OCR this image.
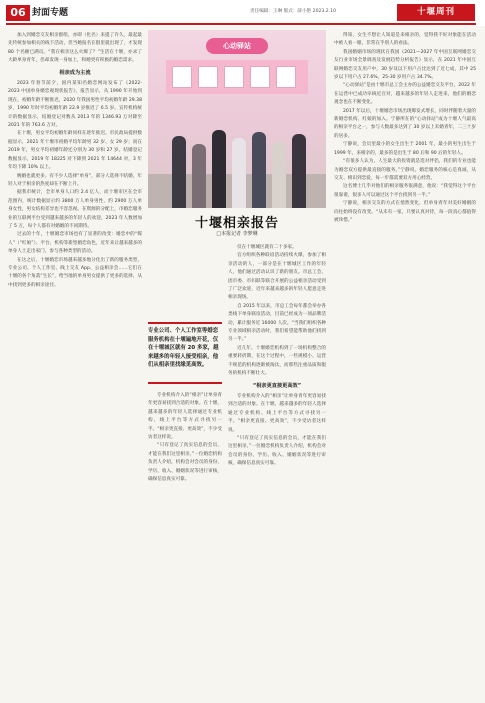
06 封面专题	责任编辑：王琳 版式：薛小艳 2023.2.10	十堰周刊

加入到婚恋交友相亲群组，亦即（化名）来提了许久，最起最先传统参加相关的线下活动，但当她报名在群里就出现了，才发现 80 个名额已满员。“我在相亲这么火爆了？”生活在十堰，亦求了大龄单身青年，但却发现一身加上，和她更有积极的婚恋需求。

相亲成为主流

2023 年春节前夕，国内某知名婚恋网站发布了《2022-2023 中国单身婚恋观现状报告》，报告显示，从 1990 年开始到现在，初婚年龄不断推迟，2020 年我国男性平均初婚年龄 29.38 岁，1990 年时平均初婚年龄 22.9 岁推迟了 6.5 岁。宣传机构统计的数据显示，结婚登记对数从 2013 年的 1346.93 万对降至 2021 年的 763.6 万对。

在十堰，男女平均初婚年龄同样在逐年推迟。市民政局提供数据显示，2021 年十堰市初婚平均年龄男 32 岁、女 29 岁；而在 2019 年，男女平均初婚年龄还分别为 30 岁和 27 岁。结婚登记数据显示，2019 年 18225 对下降到 2021 年 14644 对，3 年年均下降 10% 以上。

晚婚也就更多。有不少人选择“单身”，部分人选择不结婚，年轻人对于相亲的热度却在不断上升。

据我市统计，全市单身人口约 2.4 亿人，而十堰市区在全市范围内，统计数据显示约 3800 万人单身男性，约 2900 万人单身女性，男女结构差异也不容忽视。在资源的分配上，市婚恋服务业的互联网平台受到越来越多的年轻人的欢迎，2023 年人数增加了 5 万，每个人都有对婚姻的不同期待。

过去的十年，十堰婚恋市场也有了显著的改变：婚恋中的“媒人”（“红娘”）、平台、机构等新型婚恋角色，近年来让越来越多的单身人士走出家门，参与各种类型的活动。

在这之后，十堰婚恋市场越来越多地分化出了新的服务类型，专业公司、个人工作室、线上交友 App、公益相亲会……它们在十堰的各个角落“生长”，给当地的单身男女提供了更多的选择，从中找到更多的相亲途径。

心动驿站
十堰相亲报告
□本报记者 李梦琳

仅在十堰城区就有二十多家。

官方组织各种联谊活动持续火爆，参加了相亲活动的人，一部分是在十堰城区工作的年轻人，他们通过活动认识了新的朋友。市总工会、团市委、市妇联等联合开展的公益相亲活动受到了广泛欢迎，近年来越来越多的年轻人愿意走进相亲现场。

自 2015 年以来，市总工会每年都会举办各类线下单身联谊活动，目前已经成为一项品牌活动，累计服务近 16000 人次。“当我们组织各种专业领域相亲活动时，我们希望能帮助他们找到另一半。”

近几年，十堰婚恋机构到了一场机构整合的重要转折期，在这个过程中，一些规模小、运营不规范的机构逐渐被淘汰，而那些注重品质和服务的机构不断壮大。

“相亲更直接更高效”

专业机构介入的“相亲”让单身青年更容易找到合适的对象。在十堰，越来越多的年轻人选择通过专业机构、线上平台等方式寻找另一半。“相亲更直接、更高效”，不少受访者这样说。

“只有登记了真实信息的会员，才能在我们这里相亲。”一位婚恋机构负责人介绍，机构会对会员的身份、学历、收入、婚姻状况等进行审核，确保信息真实可靠。

专业公司、个人工作室等婚恋服务机构在十堰遍地开花，仅在十堰城区就有 20 多家，越来越多的年轻人接受相亲，他们从相亲里找缘觅高效。

专业机构介入的“相亲”让单身青年更容易找到合适的对象。在十堰，越来越多的年轻人选择通过专业机构、线上平台等方式寻找另一半。“相亲更直接、更高效”，不少受访者这样说。

“只有登记了真实信息的会员，才能在我们这里相亲。”一位婚恋机构负责人介绍，机构会对会员的身份、学历、收入、婚姻状况等进行审核，确保信息真实可靠。

得知，女生不想让人知道是来相亲的，觉得我不好对象能在活动中被人看一眼，非常在乎别人的看法。

我国婚姻市场的现状在我国《2021—2027 年中国互联网婚恋交友行业市场全景调查及发展趋势分析报告》显示，在 2021 年中国互联网婚恋交友用户中，30 岁及以下用户占比达到了近七成，其中 25 岁以下用户占 27.6%，25-30 岁用户占 34.7%。

“心动驿站”是由十堰市总工会主办的公益婚恋交友平台，2022 年在运营中已成功牵线近百对，越来越多的年轻人走进来，他们的婚恋观念也在不断变化。

2017 年以后，十堰婚恋市场出现爆发式增长，同时伴随着大量的新婚恋机构、红娘的加入。宁静所在的“心动驿站”成为十堰人气最高的相亲平台之一，参与人数最多达到了 30 岁以上未婚青年，二三十岁的居多。

宁静说，会员里最小的女生出生于 2001 年，最小的男生出生于 1999 年，来相亲的，最多的是出生于 80 后和 90 后的年轻人。

“有很多人认为，人生最大的投资就是选对伴侣，我们的专业也能为婚恋双方提供最直接的服务。”宁静说，婚恋服务的核心是真诚，从交友、相识到恋爱，每一步都需要双方用心经营。

这名博士几乎对他们的相亲服务很满意，他说：“我觉得这个平台很靠谱，很多人可以通过这个平台找到另一半。”

宁静说，相亲交友的方式在悄然变化，但单身青年对美好婚姻的向往始终没有改变。“从未有一家，只要认真对待，每一段真心都值得被珍惜。”
